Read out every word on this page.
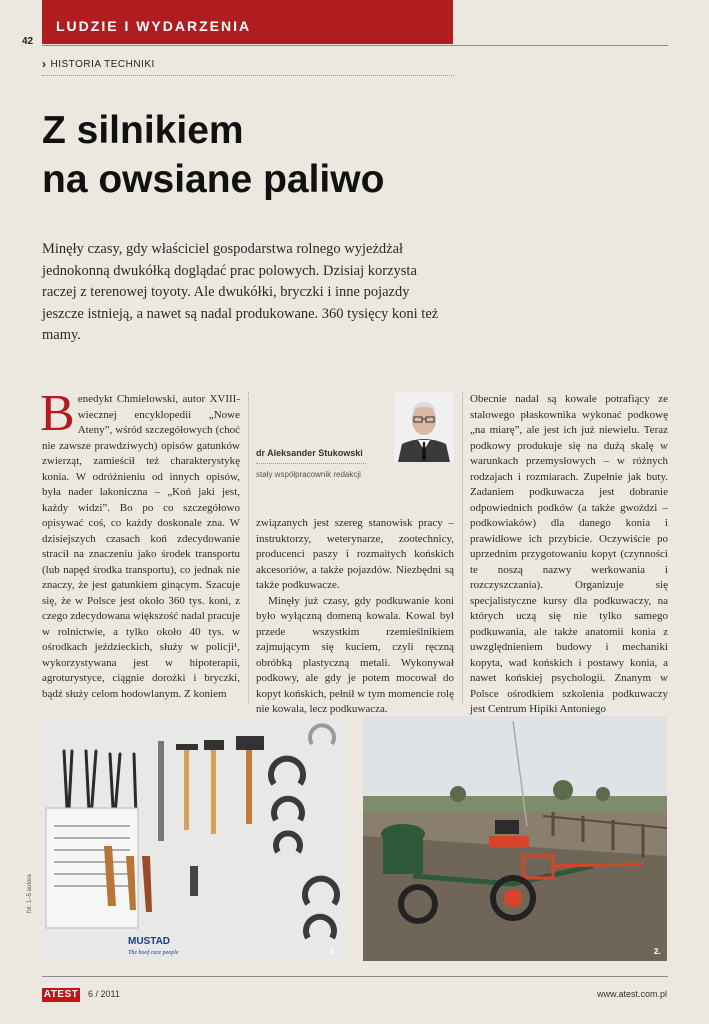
LUDZIE I WYDARZENIA
42
› HISTORIA TECHNIKI
Z silnikiem
na owsiane paliwo

Minęły czasy, gdy właściciel gospodarstwa rolnego wyjeżdżał jednokonną dwukółką doglądać prac polowych. Dzisiaj korzysta raczej z terenowej toyoty. Ale dwukółki, bryczki i inne pojazdy jeszcze istnieją, a nawet są nadal produkowane. 360 tysięcy koni też mamy.

Benedykt Chmielowski, autor XVIII-wiecznej encyklopedii „Nowe Ateny”, wśród szczegółowych (choć nie zawsze prawdziwych) opisów gatunków zwierząt, zamieścił też charakterystykę konia. W odróżnieniu od innych opisów, była nader lakoniczna – „Koń jaki jest, każdy widzi”. Bo po co szczegółowo opisywać coś, co każdy doskonale zna. W dzisiejszych czasach koń zdecydowanie stracił na znaczeniu jako środek transportu (lub napęd środka transportu), co jednak nie znaczy, że jest gatunkiem ginącym. Szacuje się, że w Polsce jest około 360 tys. koni, z czego zdecydowana większość nadal pracuje w rolnictwie, a tylko około 40 tys. w ośrodkach jeździeckich, służy w policji¹, wykorzystywana jest w hipoterapii, agroturystyce, ciągnie dorożki i bryczki, bądź służy celom hodowlanym. Z koniem
dr Aleksander Stukowski
stały współpracownik redakcji

związanych jest szereg stanowisk pracy – instruktorzy, weterynarze, zootechnicy, producenci paszy i rozmaitych końskich akcesoriów, a także pojazdów. Niezbędni są także podkuwacze.

Minęły już czasy, gdy podkuwanie koni było wyłączną domeną kowala. Kowal był przede wszystkim rzemieślnikiem zajmującym się kuciem, czyli ręczną obróbką plastyczną metali. Wykonywał podkowy, ale gdy je potem mocował do kopyt końskich, pełnił w tym momencie rolę nie kowala, lecz podkuwacza.

Obecnie nadal są kowale potrafiący ze stalowego płaskownika wykonać podkowę „na miarę”, ale jest ich już niewielu. Teraz podkowy produkuje się na dużą skalę w warunkach przemysłowych – w różnych rodzajach i rozmiarach. Zupełnie jak buty. Zadaniem podkuwacza jest dobranie odpowiednich podków (a także gwoździ – podkowiaków) dla danego konia i prawidłowe ich przybicie. Oczywiście po uprzednim przygotowaniu kopyt (czynności te noszą nazwy werkowania i rozczyszczania). Organizuje się specjalistyczne kursy dla podkuwaczy, na których uczą się nie tylko samego podkuwania, ale także anatomii konia z uwzględnieniem budowy i mechaniki kopyta, wad końskich i postawy konia, a nawet końskiej psychologii. Znanym w Polsce ośrodkiem szkolenia podkuwaczy jest Centrum Hipiki Antoniego
MUSTAD
The hoof care people	1.	2.
fot. 1–5 autora
ATEST 6 / 2011	www.atest.com.pl
